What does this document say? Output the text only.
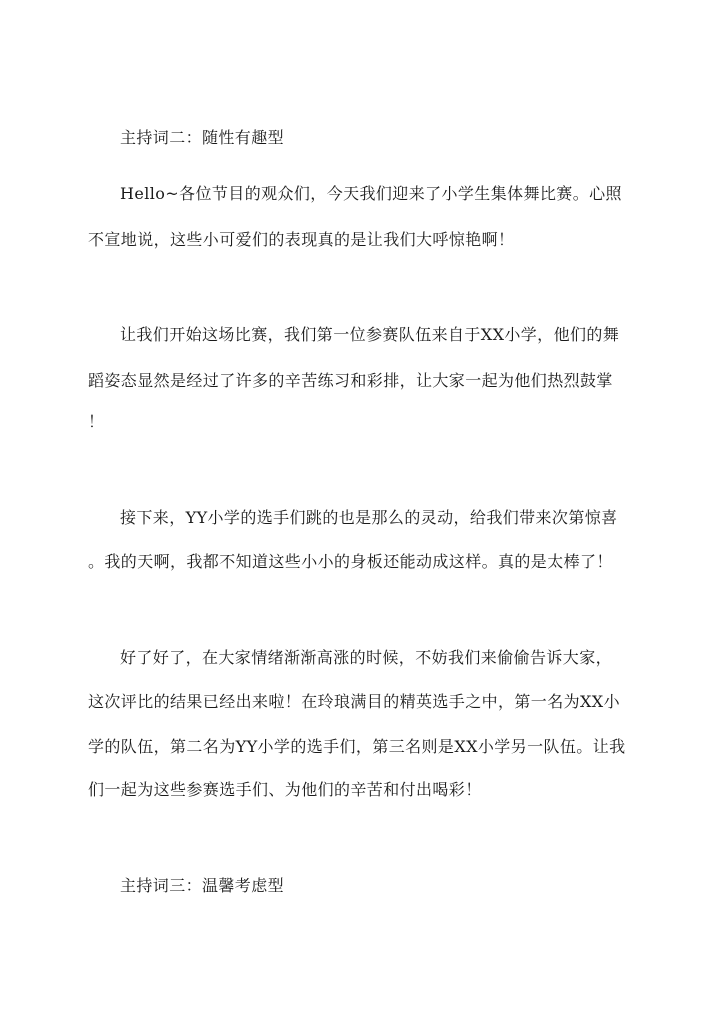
主持词二：随性有趣型
Hello~各位节目的观众们，今天我们迎来了小学生集体舞比赛。心照
不宣地说，这些小可爱们的表现真的是让我们大呼惊艳啊！
让我们开始这场比赛，我们第一位参赛队伍来自于XX小学，他们的舞
蹈姿态显然是经过了许多的辛苦练习和彩排，让大家一起为他们热烈鼓掌
！
接下来，YY小学的选手们跳的也是那么的灵动，给我们带来次第惊喜
。我的天啊，我都不知道这些小小的身板还能动成这样。真的是太棒了！
好了好了，在大家情绪渐渐高涨的时候，不妨我们来偷偷告诉大家，
这次评比的结果已经出来啦！在玲琅满目的精英选手之中，第一名为XX小
学的队伍，第二名为YY小学的选手们，第三名则是XX小学另一队伍。让我
们一起为这些参赛选手们、为他们的辛苦和付出喝彩！
主持词三：温馨考虑型
